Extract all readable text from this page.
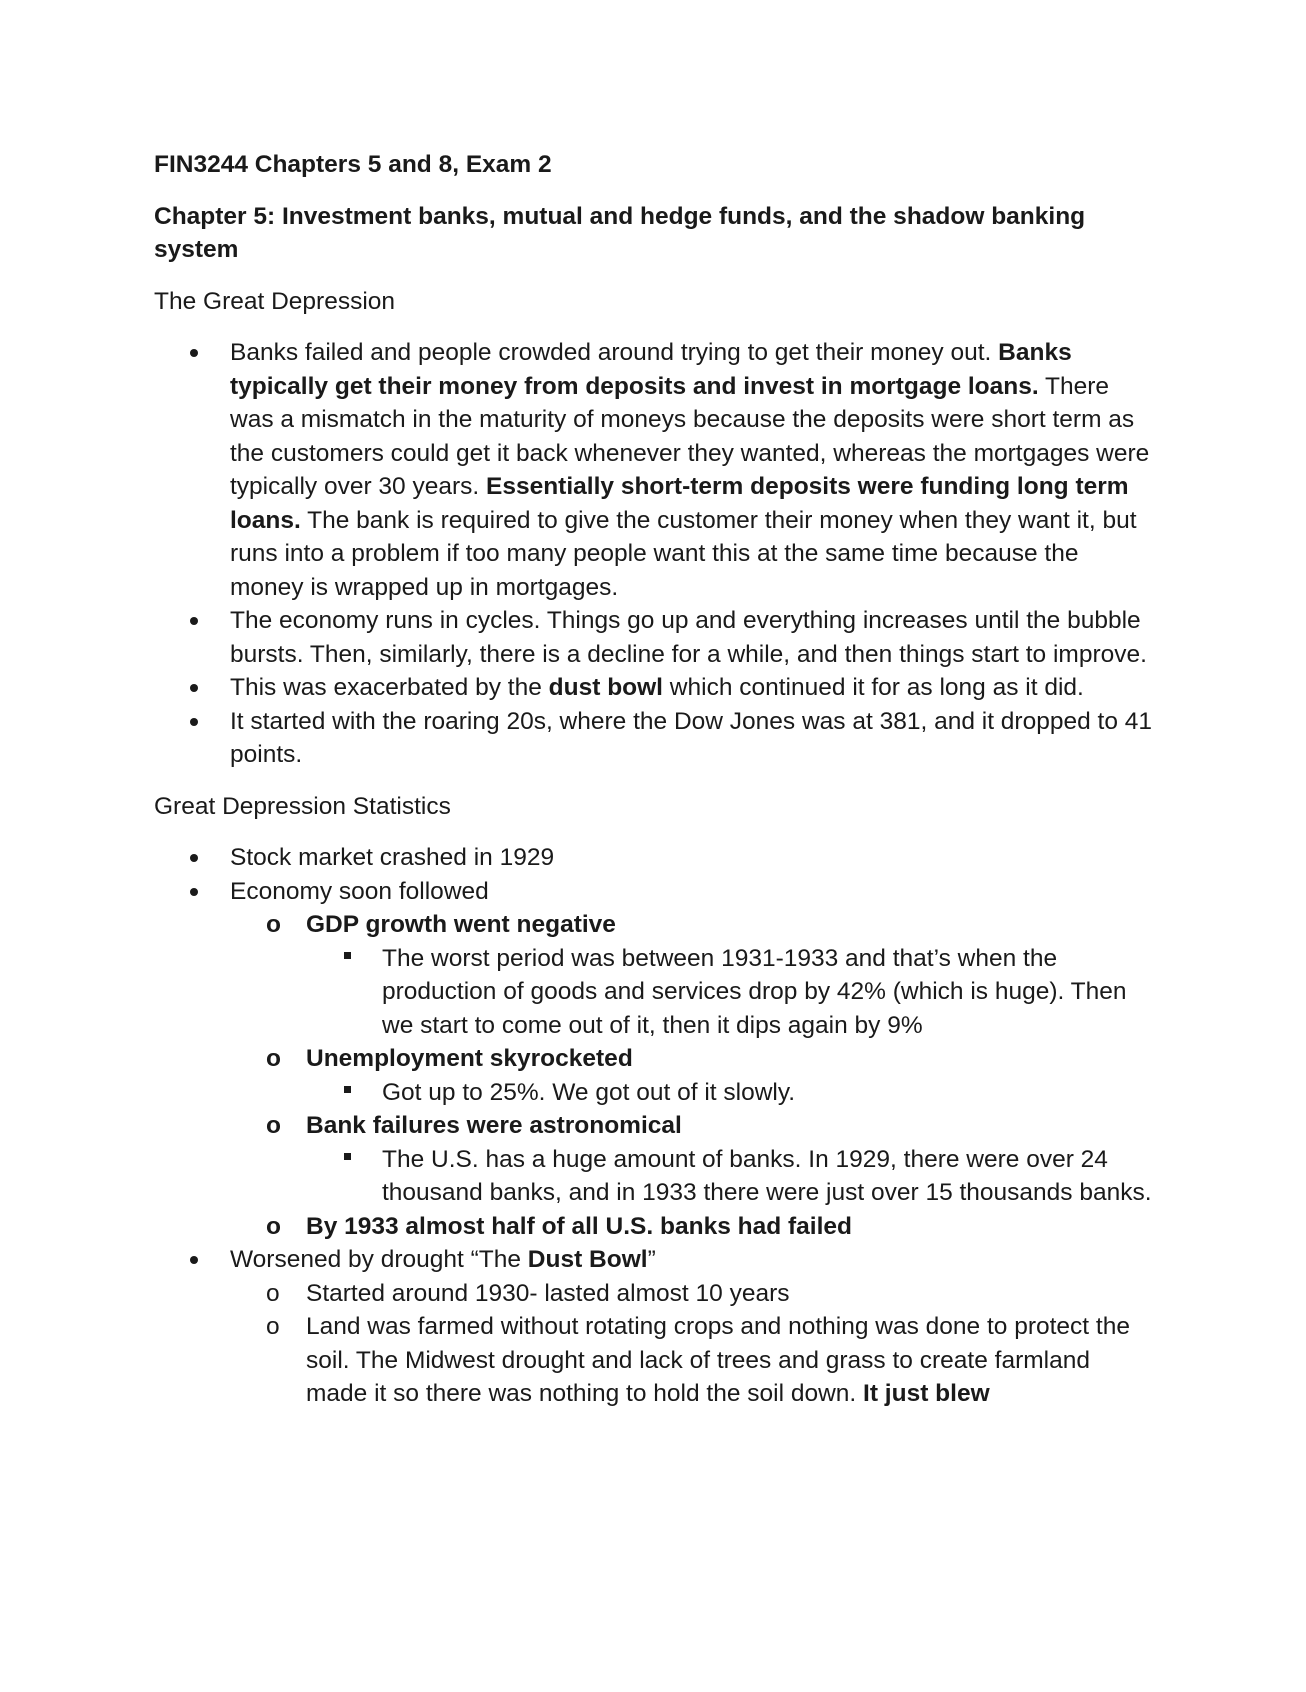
FIN3244 Chapters 5 and 8, Exam 2

Chapter 5: Investment banks, mutual and hedge funds, and the shadow banking system

The Great Depression

Banks failed and people crowded around trying to get their money out. Banks typically get their money from deposits and invest in mortgage loans. There was a mismatch in the maturity of moneys because the deposits were short term as the customers could get it back whenever they wanted, whereas the mortgages were typically over 30 years. Essentially short-term deposits were funding long term loans. The bank is required to give the customer their money when they want it, but runs into a problem if too many people want this at the same time because the money is wrapped up in mortgages.
The economy runs in cycles. Things go up and everything increases until the bubble bursts. Then, similarly, there is a decline for a while, and then things start to improve.
This was exacerbated by the dust bowl which continued it for as long as it did.
It started with the roaring 20s, where the Dow Jones was at 381, and it dropped to 41 points.

Great Depression Statistics

Stock market crashed in 1929
Economy soon followed
o GDP growth went negative
The worst period was between 1931-1933 and that’s when the production of goods and services drop by 42% (which is huge). Then we start to come out of it, then it dips again by 9%
o Unemployment skyrocketed
Got up to 25%. We got out of it slowly.
o Bank failures were astronomical
The U.S. has a huge amount of banks. In 1929, there were over 24 thousand banks, and in 1933 there were just over 15 thousands banks.
o By 1933 almost half of all U.S. banks had failed
Worsened by drought “The Dust Bowl”
o Started around 1930- lasted almost 10 years
o Land was farmed without rotating crops and nothing was done to protect the soil. The Midwest drought and lack of trees and grass to create farmland made it so there was nothing to hold the soil down. It just blew
